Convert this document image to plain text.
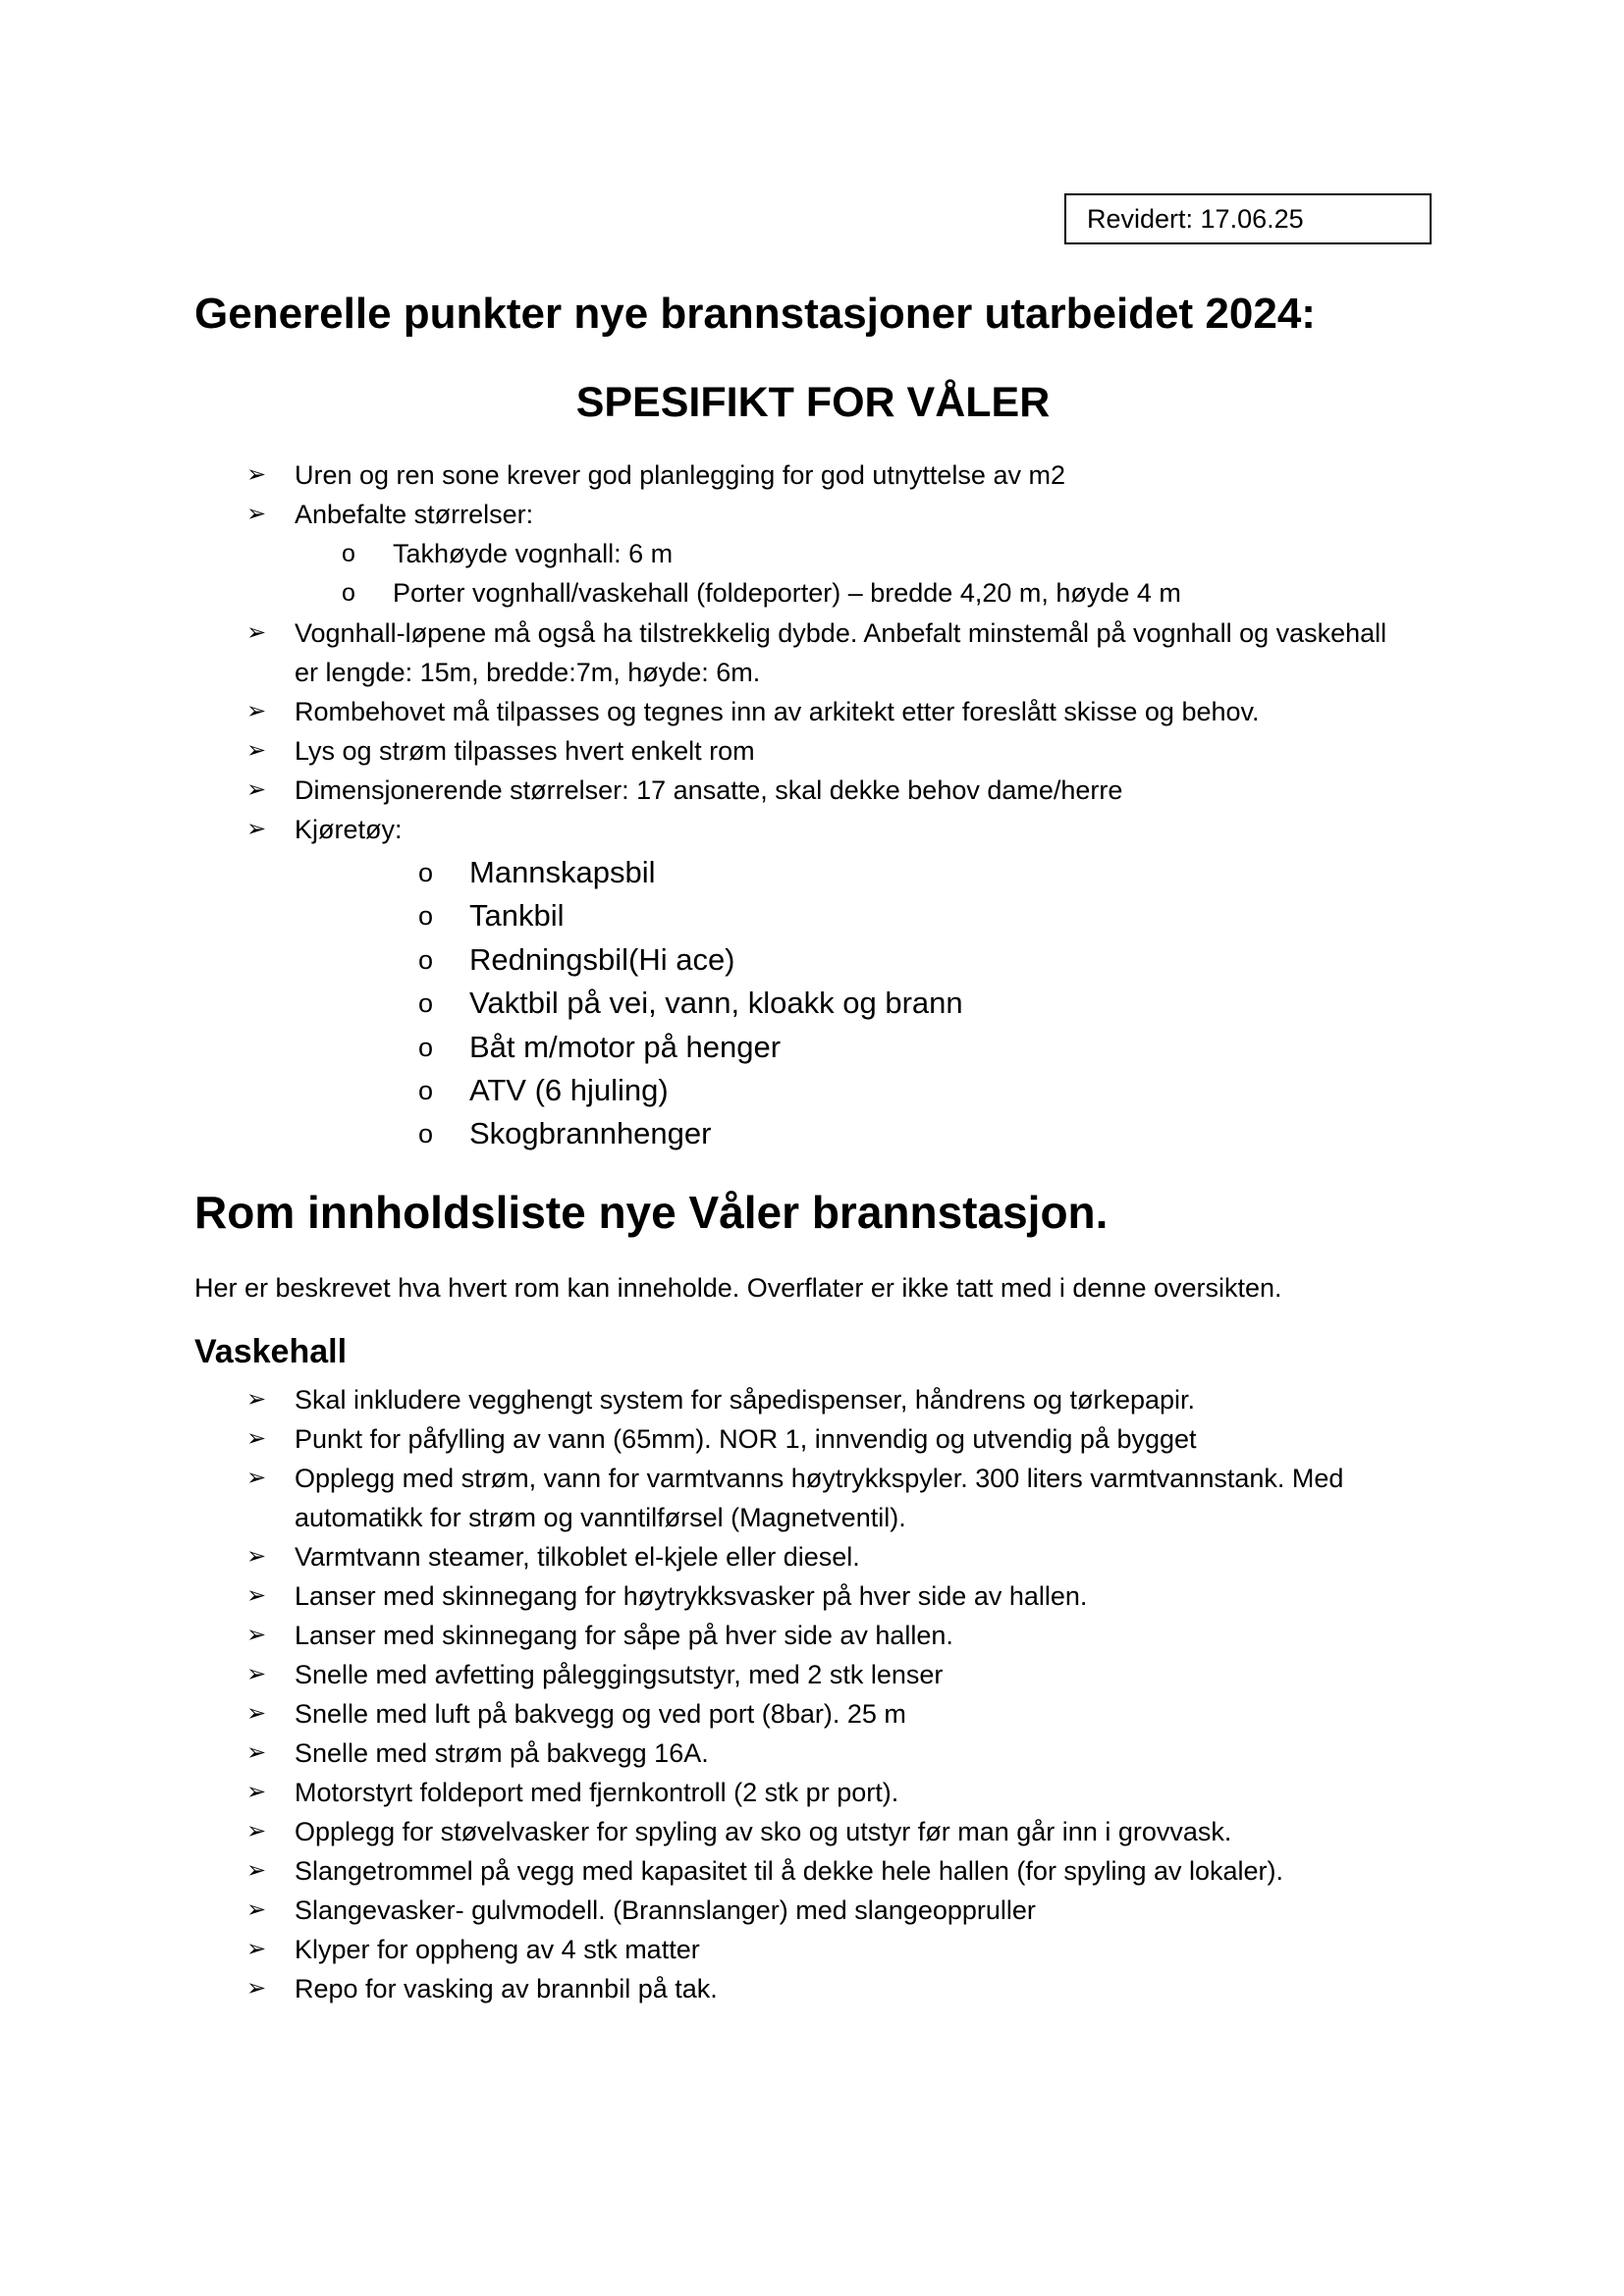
Revidert: 17.06.25
Generelle punkter nye brannstasjoner utarbeidet 2024:
SPESIFIKT FOR VÅLER
➢	Uren og ren sone krever god planlegging for god utnyttelse av m2
➢	Anbefalte størrelser:
o	Takhøyde vognhall: 6 m
o	Porter vognhall/vaskehall (foldeporter) – bredde 4,20 m, høyde 4 m
➢	Vognhall-løpene må også ha tilstrekkelig dybde. Anbefalt minstemål på vognhall og vaskehall
er lengde: 15m, bredde:7m, høyde: 6m.
➢	Rombehovet må tilpasses og tegnes inn av arkitekt etter foreslått skisse og behov.
➢	Lys og strøm tilpasses hvert enkelt rom
➢	Dimensjonerende størrelser: 17 ansatte, skal dekke behov dame/herre
➢	Kjøretøy:
o	Mannskapsbil
o	Tankbil
o	Redningsbil(Hi ace)
o	Vaktbil på vei, vann, kloakk og brann
o	Båt m/motor på henger
o	ATV (6 hjuling)
o	Skogbrannhenger
Rom innholdsliste nye Våler brannstasjon.

Her er beskrevet hva hvert rom kan inneholde. Overflater er ikke tatt med i denne oversikten.

Vaskehall
➢	Skal inkludere vegghengt system for såpedispenser, håndrens og tørkepapir.
➢	Punkt for påfylling av vann (65mm). NOR 1, innvendig og utvendig på bygget
➢	Opplegg med strøm, vann for varmtvanns høytrykkspyler. 300 liters varmtvannstank. Med
automatikk for strøm og vanntilførsel (Magnetventil).
➢	Varmtvann steamer, tilkoblet el-kjele eller diesel.
➢	Lanser med skinnegang for høytrykksvasker på hver side av hallen.
➢	Lanser med skinnegang for såpe på hver side av hallen.
➢	Snelle med avfetting påleggingsutstyr, med 2 stk lenser
➢	Snelle med luft på bakvegg og ved port (8bar). 25 m
➢	Snelle med strøm på bakvegg 16A.
➢	Motorstyrt foldeport med fjernkontroll (2 stk pr port).
➢	Opplegg for støvelvasker for spyling av sko og utstyr før man går inn i grovvask.
➢	Slangetrommel på vegg med kapasitet til å dekke hele hallen (for spyling av lokaler).
➢	Slangevasker- gulvmodell. (Brannslanger) med slangeoppruller
➢	Klyper for oppheng av 4 stk matter
➢	Repo for vasking av brannbil på tak.
